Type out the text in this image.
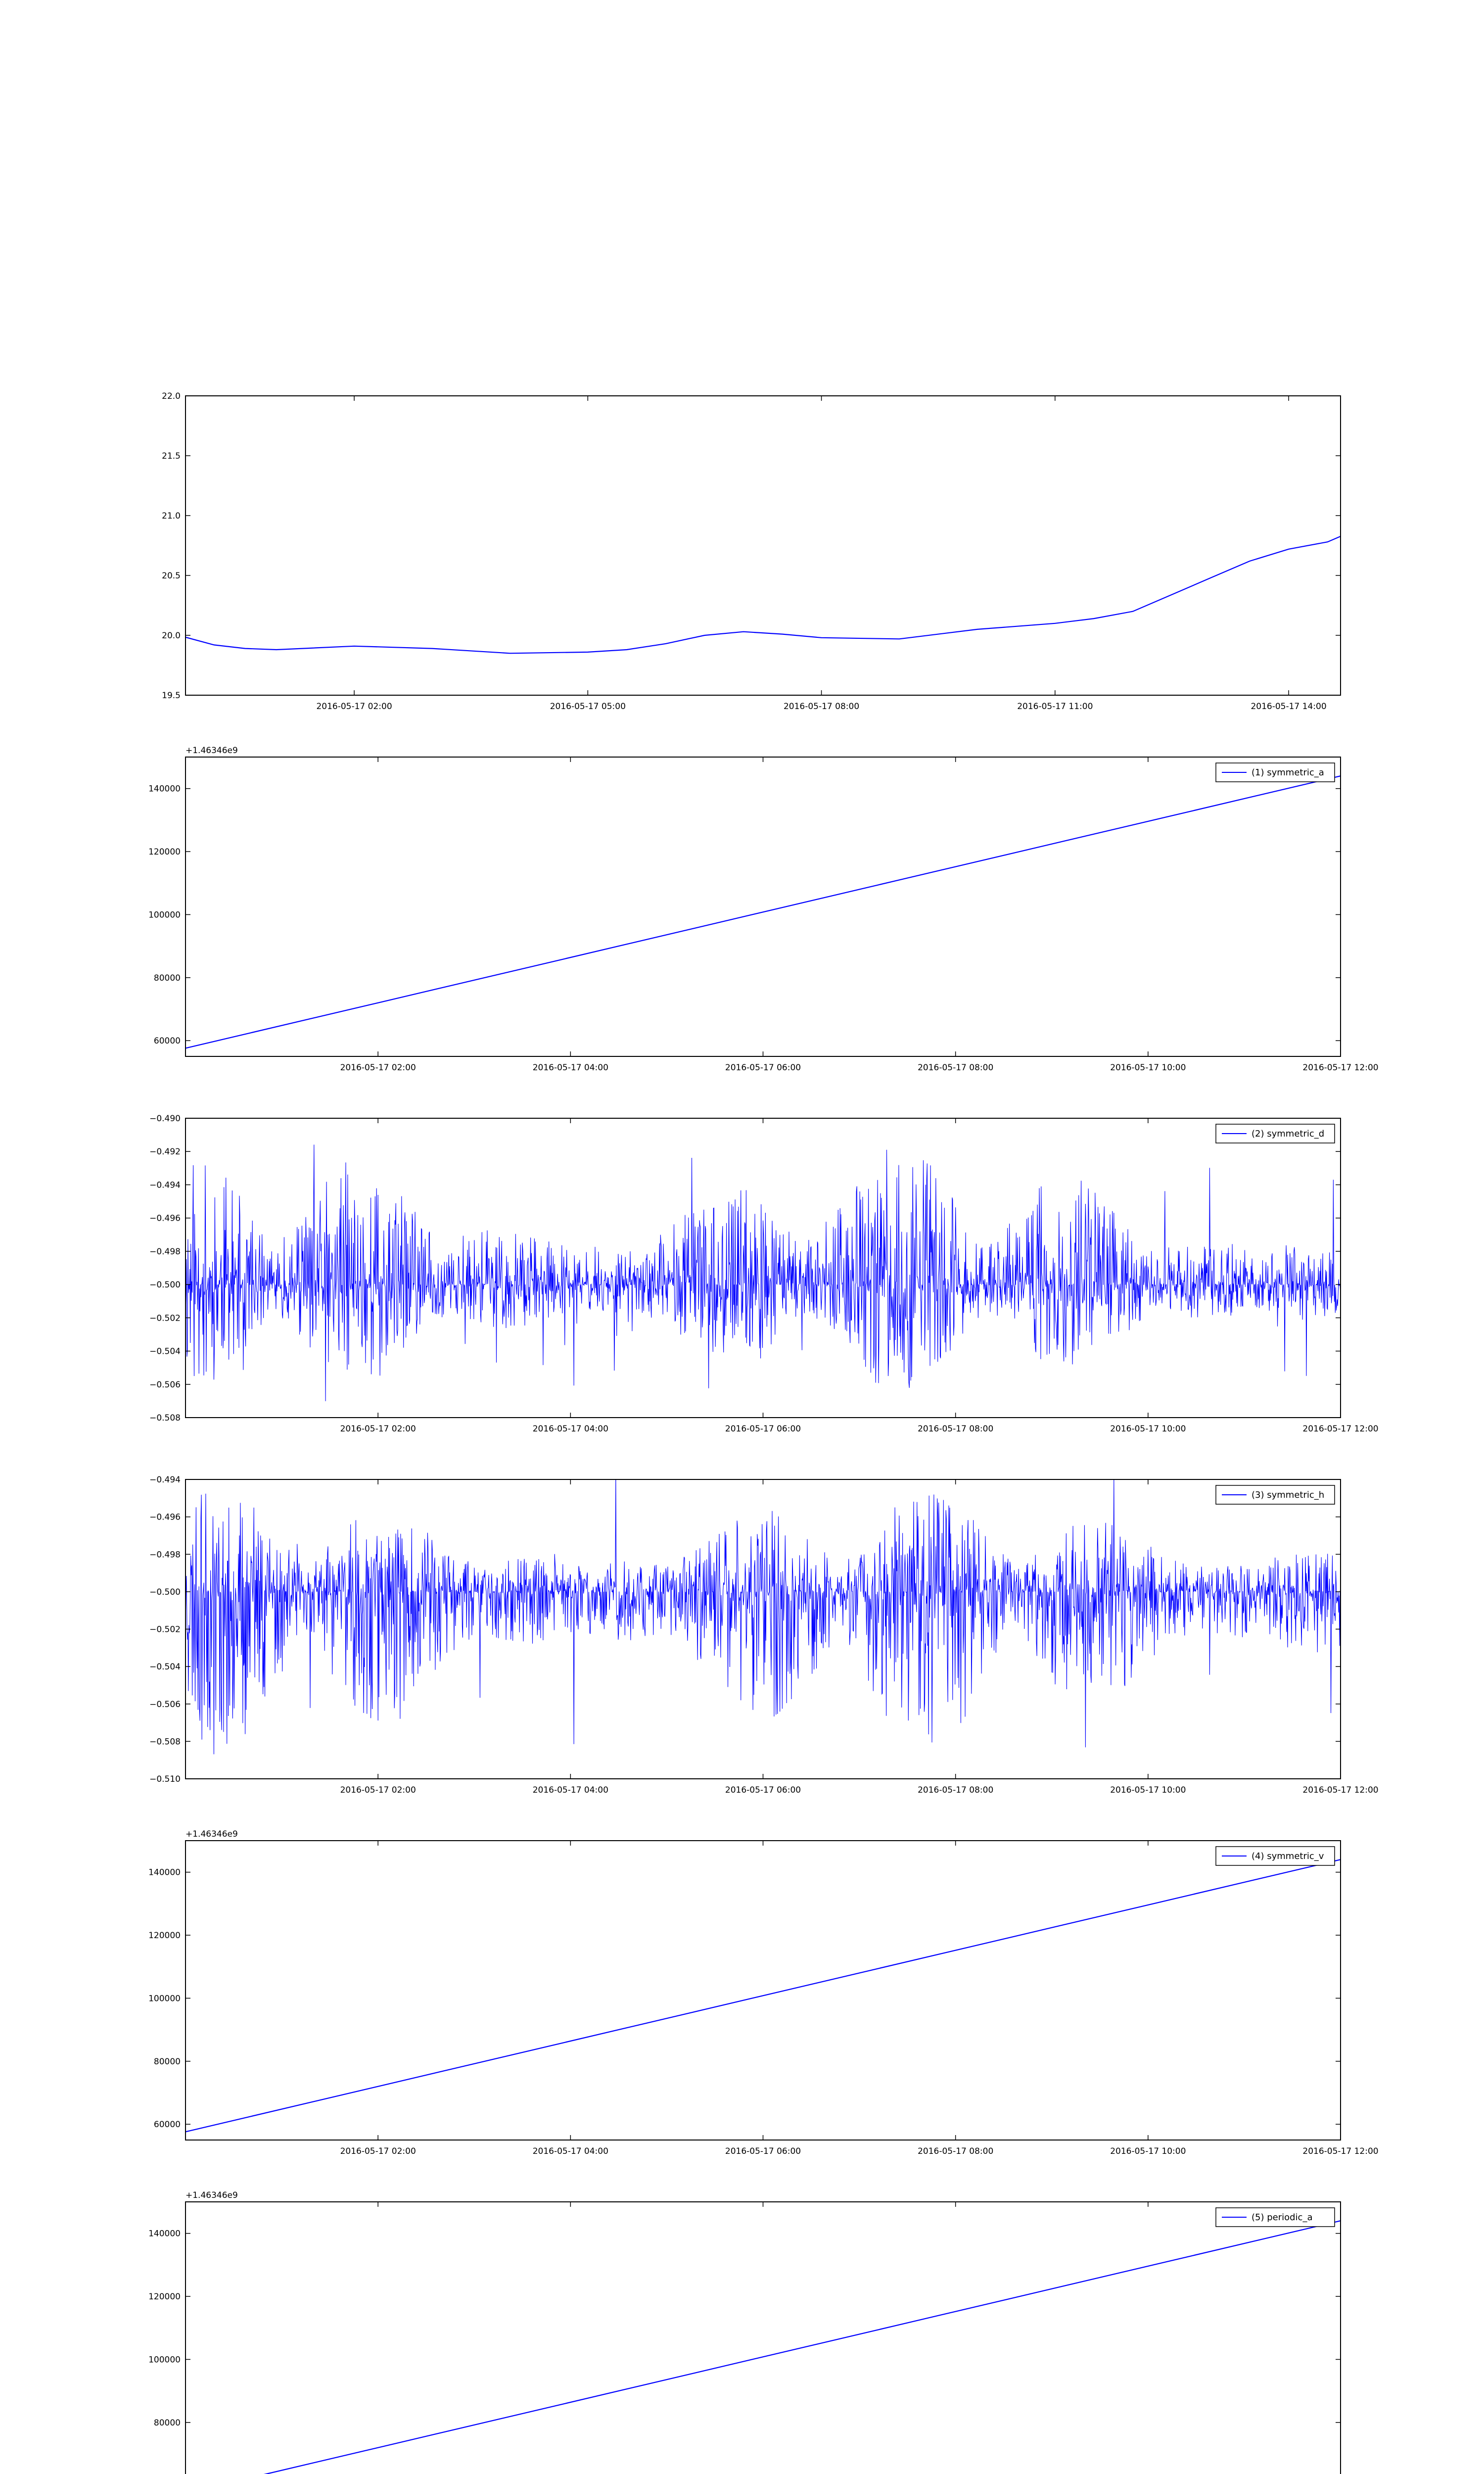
2016-05-17 02:00	2016-05-17 05:00	2016-05-17 08:00	2016-05-17 11:00	2016-05-17 14:00
19.5
20.0
20.5
21.0
21.5
22.0
2016-05-17 02:00	2016-05-17 04:00	2016-05-17 06:00	2016-05-17 08:00	2016-05-17 10:00	2016-05-17 12:00
60000
80000
100000
120000
140000
+1.46346e9
(1) symmetric_a
2016-05-17 02:00	2016-05-17 04:00	2016-05-17 06:00	2016-05-17 08:00	2016-05-17 10:00	2016-05-17 12:00
−0.508
−0.506
−0.504
−0.502
−0.500
−0.498
−0.496
−0.494
−0.492
−0.490
(2) symmetric_d
2016-05-17 02:00	2016-05-17 04:00	2016-05-17 06:00	2016-05-17 08:00	2016-05-17 10:00	2016-05-17 12:00
−0.510
−0.508
−0.506
−0.504
−0.502
−0.500
−0.498
−0.496
−0.494
(3) symmetric_h
2016-05-17 02:00	2016-05-17 04:00	2016-05-17 06:00	2016-05-17 08:00	2016-05-17 10:00	2016-05-17 12:00
60000
80000
100000
120000
140000
+1.46346e9
(4) symmetric_v
80000
100000
120000
140000
+1.46346e9
(5) periodic_a
